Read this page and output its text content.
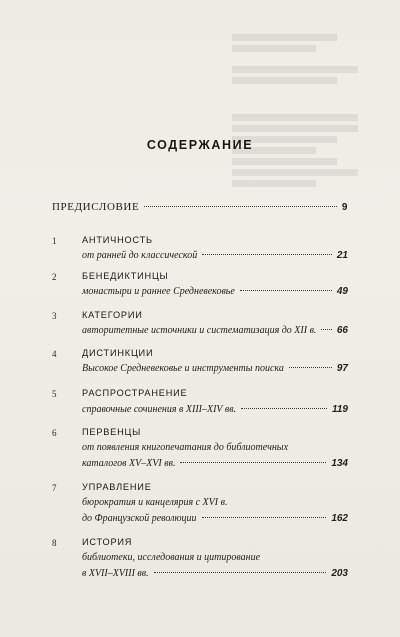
СОДЕРЖАНИЕ
ПРЕДИСЛОВИЕ	9
1	АНТИЧНОСТЬ
от ранней до классической	21
2	БЕНЕДИКТИНЦЫ
монастыри и раннее Средневековье	49
3	КАТЕГОРИИ
авторитетные источники и систематизация до XII в. 66
4	ДИСТИНКЦИИ
Высокое Средневековье и инструменты поиска	97
5	РАСПРОСТРАНЕНИЕ
справочные сочинения в XIII–XIV вв.	119
6	ПЕРВЕНЦЫ
от появления книгопечатания до библиотечных
каталогов XV–XVI вв.	134
7	УПРАВЛЕНИЕ
бюрократия и канцелярия с XVI в.
до Французской революции	162
8	ИСТОРИЯ
библиотеки, исследования и цитирование
в XVII–XVIII вв.	203
